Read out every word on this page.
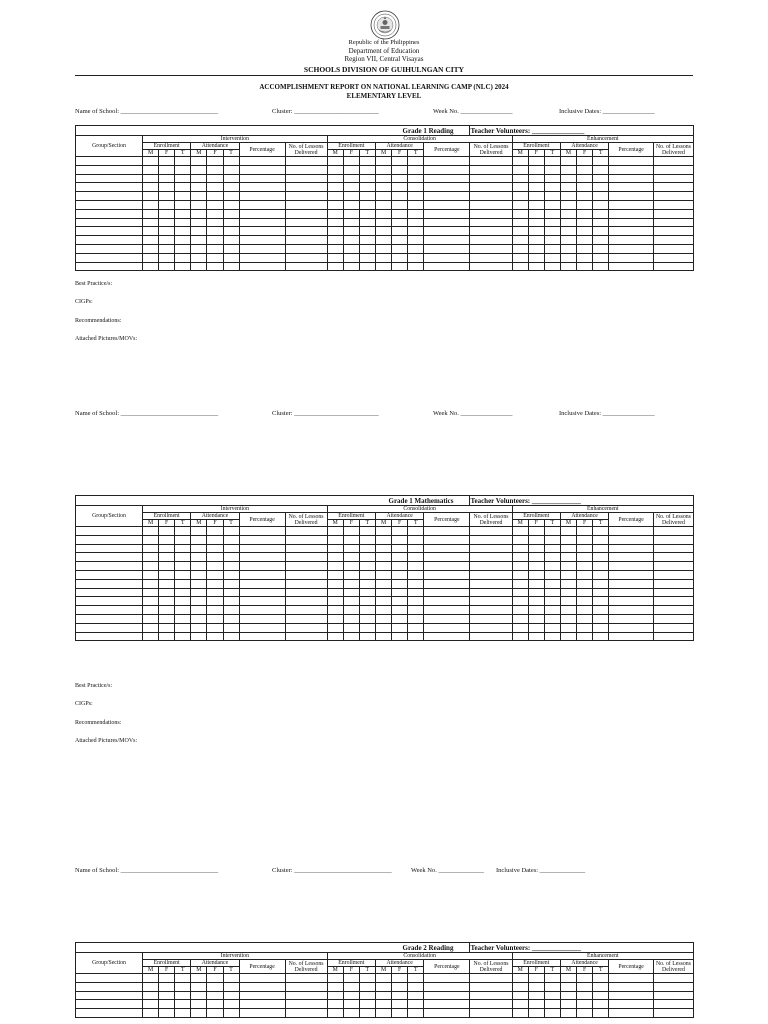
Republic of the Philippines
Department of Education
Region VII, Central Visayas
SCHOOLS DIVISION OF GUIHULNGAN CITY
ACCOMPLISHMENT REPORT ON NATIONAL LEARNING CAMP (NLC) 2024
ELEMENTARY LEVEL
Name of School: ______________________________	Cluster: __________________________	Week No. ________________	Inclusive Dates: ________________
Grade 1 Reading																Teacher Volunteers: _______________								
Group/Section	Intervention								Consolidation								Enhancement							
	Enrollment			Attendance			Percentage	No. of Lessons Delivered	Enrollment			Attendance			Percentage	No. of Lessons Delivered	Enrollment			Attendance			Percentage	No. of Lessons Delivered
	M	F	T	M	F	T			M	F	T	M	F	T			M	F	T	M	F	T		

Best Practice/s:
CIGPs:
Recommendations:
Attached Pictures/MOVs:
Name of School: ______________________________	Cluster: __________________________	Week No. ________________	Inclusive Dates: ________________
Grade 1 Mathematics																Teacher Volunteers: ______________								
Group/Section	Intervention								Consolidation								Enhancement							
	Enrollment			Attendance			Percentage	No. of Lessons Delivered	Enrollment			Attendance			Percentage	No. of Lessons Delivered	Enrollment			Attendance			Percentage	No. of Lessons Delivered
	M	F	T	M	F	T			M	F	T	M	F	T			M	F	T	M	F	T		

Best Practice/s:
CIGPs:
Recommendations:
Attached Pictures/MOVs:
Name of School: ______________________________	Cluster: ______________________________	Week No. ______________ Inclusive Dates: ______________
Grade 2 Reading																Teacher Volunteers: ______________								
Group/Section	Intervention								Consolidation								Enhancement							
	Enrollment			Attendance			Percentage	No. of Lessons Delivered	Enrollment			Attendance			Percentage	No. of Lessons Delivered	Enrollment			Attendance			Percentage	No. of Lessons Delivered
	M	F	T	M	F	T			M	F	T	M	F	T			M	F	T	M	F	T		
